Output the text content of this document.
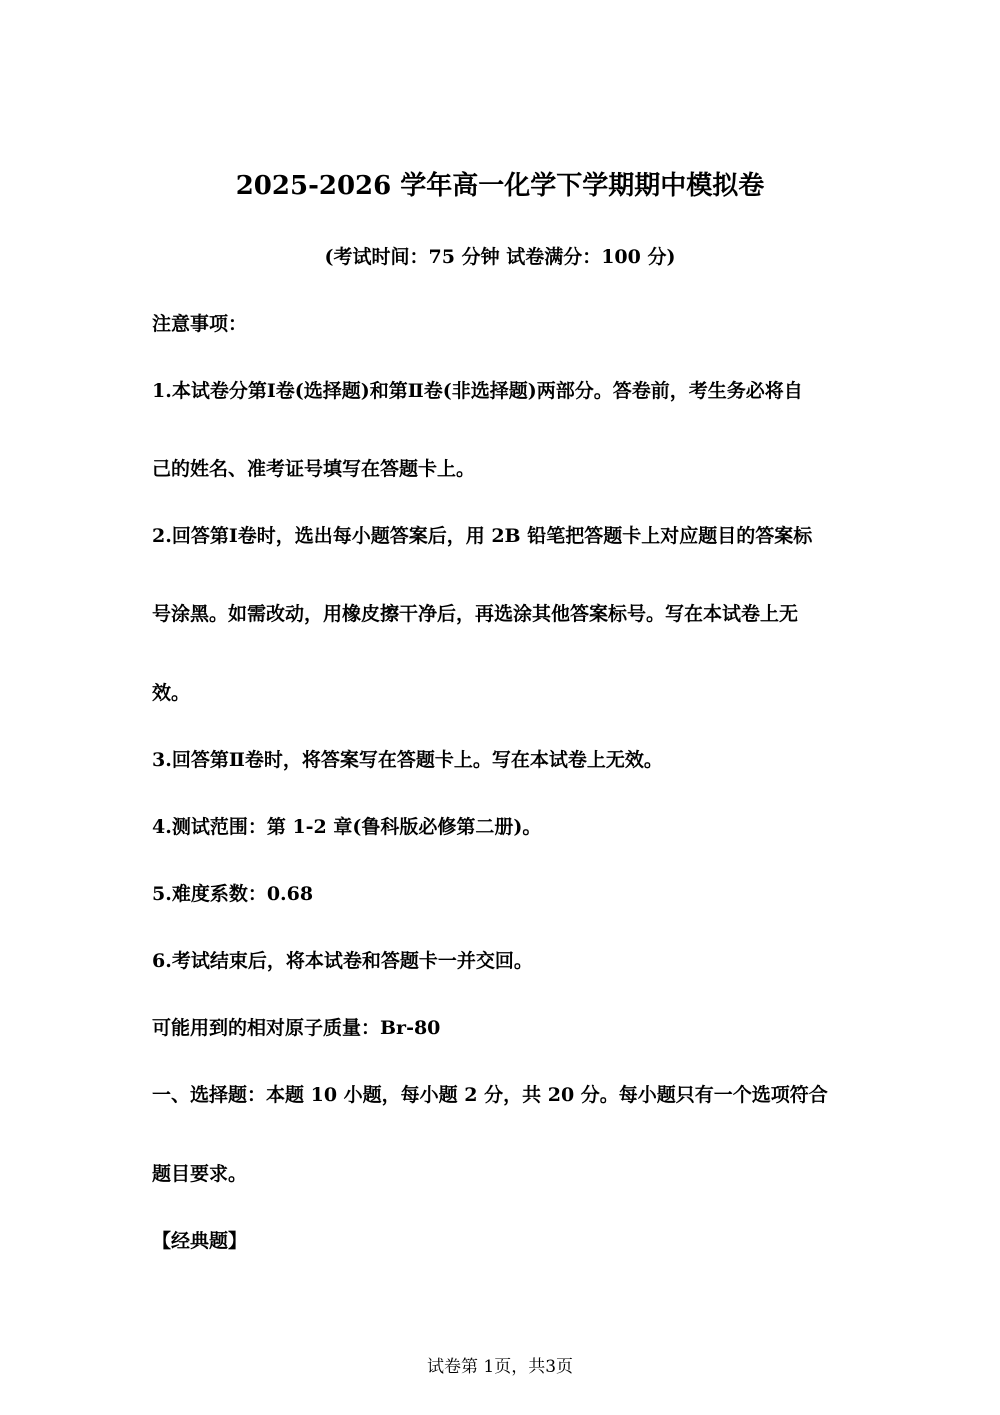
2025-2026 学年高一化学下学期期中模拟卷
(考试时间：75 分钟 试卷满分：100 分)
注意事项：
1.本试卷分第Ⅰ卷(选择题)和第Ⅱ卷(非选择题)两部分。答卷前，考生务必将自
己的姓名、准考证号填写在答题卡上。
2.回答第Ⅰ卷时，选出每小题答案后，用 2B 铅笔把答题卡上对应题目的答案标
号涂黑。如需改动，用橡皮擦干净后，再选涂其他答案标号。写在本试卷上无
效。
3.回答第Ⅱ卷时，将答案写在答题卡上。写在本试卷上无效。
4.测试范围：第 1-2 章(鲁科版必修第二册)。
5.难度系数：0.68
6.考试结束后，将本试卷和答题卡一并交回。
可能用到的相对原子质量：Br-80
一、选择题：本题 10 小题，每小题 2 分，共 20 分。每小题只有一个选项符合
题目要求。
【经典题】
试卷第 1页，共3页
